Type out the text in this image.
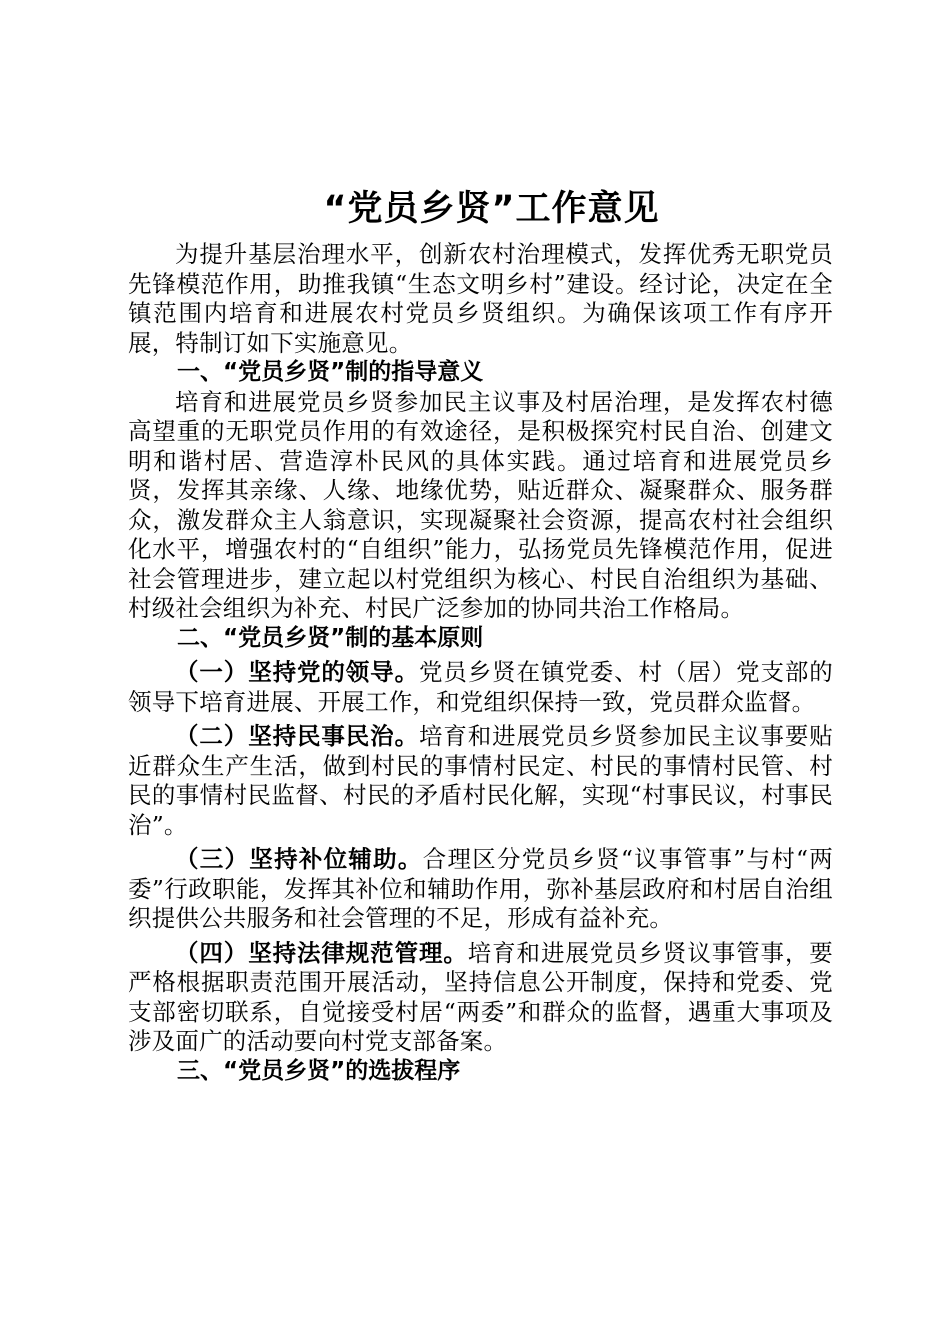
“党员乡贤”工作意见

为提升基层治理水平，创新农村治理模式，发挥优秀无职党员先锋模范作用，助推我镇“生态文明乡村”建设。经讨论，决定在全镇范围内培育和进展农村党员乡贤组织。为确保该项工作有序开展，特制订如下实施意见。

一、“党员乡贤”制的指导意义

培育和进展党员乡贤参加民主议事及村居治理，是发挥农村德高望重的无职党员作用的有效途径，是积极探究村民自治、创建文明和谐村居、营造淳朴民风的具体实践。通过培育和进展党员乡贤，发挥其亲缘、人缘、地缘优势，贴近群众、凝聚群众、服务群众，激发群众主人翁意识，实现凝聚社会资源，提高农村社会组织化水平，增强农村的“自组织”能力，弘扬党员先锋模范作用，促进社会管理进步，建立起以村党组织为核心、村民自治组织为基础、村级社会组织为补充、村民广泛参加的协同共治工作格局。

二、“党员乡贤”制的基本原则

（一）坚持党的领导。党员乡贤在镇党委、村（居）党支部的领导下培育进展、开展工作，和党组织保持一致，党员群众监督。

（二）坚持民事民治。培育和进展党员乡贤参加民主议事要贴近群众生产生活，做到村民的事情村民定、村民的事情村民管、村民的事情村民监督、村民的矛盾村民化解，实现“村事民议，村事民治”。

（三）坚持补位辅助。合理区分党员乡贤“议事管事”与村“两委”行政职能，发挥其补位和辅助作用，弥补基层政府和村居自治组织提供公共服务和社会管理的不足，形成有益补充。

（四）坚持法律规范管理。培育和进展党员乡贤议事管事，要严格根据职责范围开展活动，坚持信息公开制度，保持和党委、党支部密切联系，自觉接受村居“两委”和群众的监督，遇重大事项及涉及面广的活动要向村党支部备案。

三、“党员乡贤”的选拔程序
